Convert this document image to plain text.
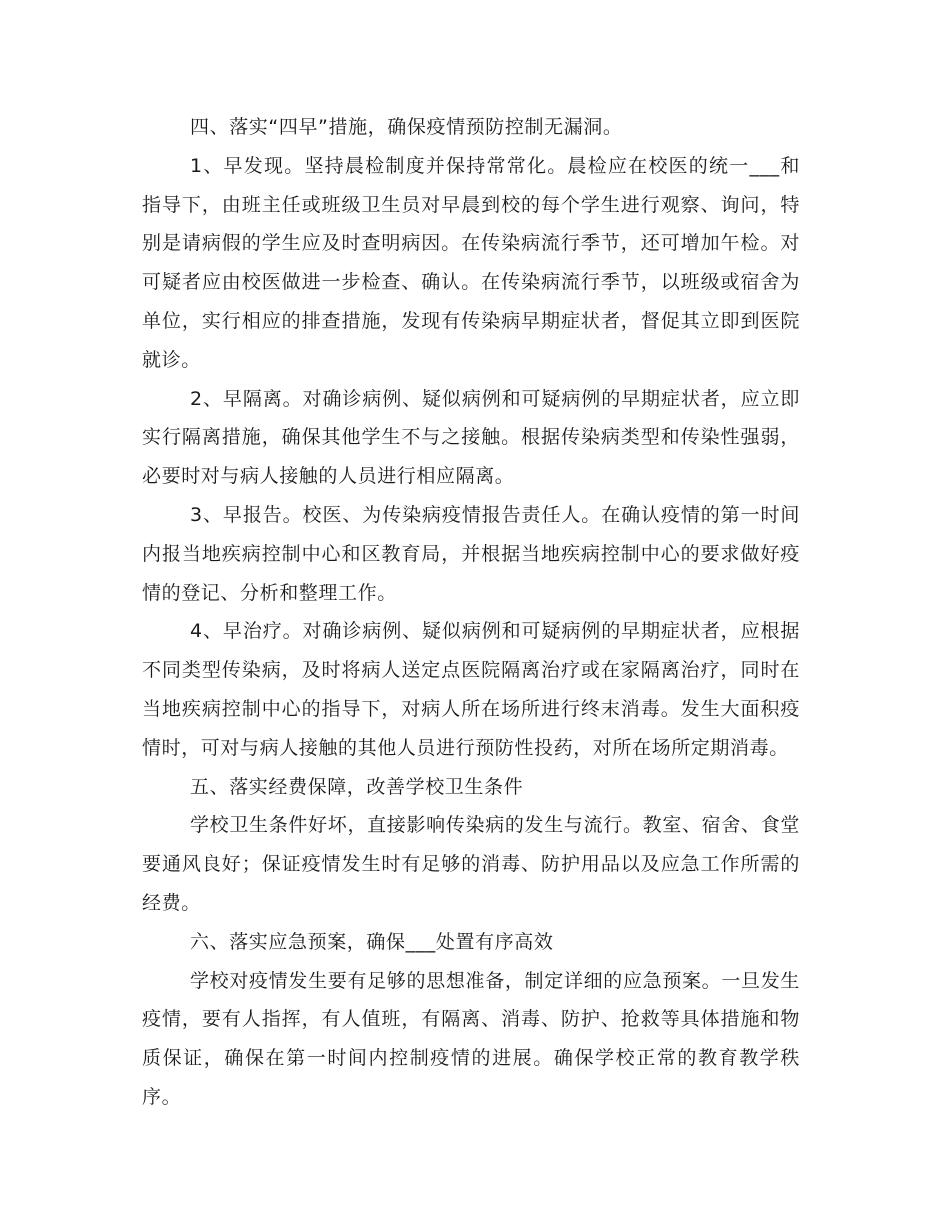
四、落实“四早”措施，确保疫情预防控制无漏洞。

1、早发现。坚持晨检制度并保持常常化。晨检应在校医的统一___和指导下，由班主任或班级卫生员对早晨到校的每个学生进行观察、询问，特别是请病假的学生应及时查明病因。在传染病流行季节，还可增加午检。对可疑者应由校医做进一步检查、确认。在传染病流行季节，以班级或宿舍为单位，实行相应的排查措施，发现有传染病早期症状者，督促其立即到医院就诊。

2、早隔离。对确诊病例、疑似病例和可疑病例的早期症状者，应立即实行隔离措施，确保其他学生不与之接触。根据传染病类型和传染性强弱，必要时对与病人接触的人员进行相应隔离。

3、早报告。校医、为传染病疫情报告责任人。在确认疫情的第一时间内报当地疾病控制中心和区教育局，并根据当地疾病控制中心的要求做好疫情的登记、分析和整理工作。

4、早治疗。对确诊病例、疑似病例和可疑病例的早期症状者，应根据不同类型传染病，及时将病人送定点医院隔离治疗或在家隔离治疗，同时在当地疾病控制中心的指导下，对病人所在场所进行终末消毒。发生大面积疫情时，可对与病人接触的其他人员进行预防性投药，对所在场所定期消毒。

五、落实经费保障，改善学校卫生条件

学校卫生条件好坏，直接影响传染病的发生与流行。教室、宿舍、食堂要通风良好；保证疫情发生时有足够的消毒、防护用品以及应急工作所需的经费。

六、落实应急预案，确保___处置有序高效

学校对疫情发生要有足够的思想准备，制定详细的应急预案。一旦发生疫情，要有人指挥，有人值班，有隔离、消毒、防护、抢救等具体措施和物质保证，确保在第一时间内控制疫情的进展。确保学校正常的教育教学秩序。
